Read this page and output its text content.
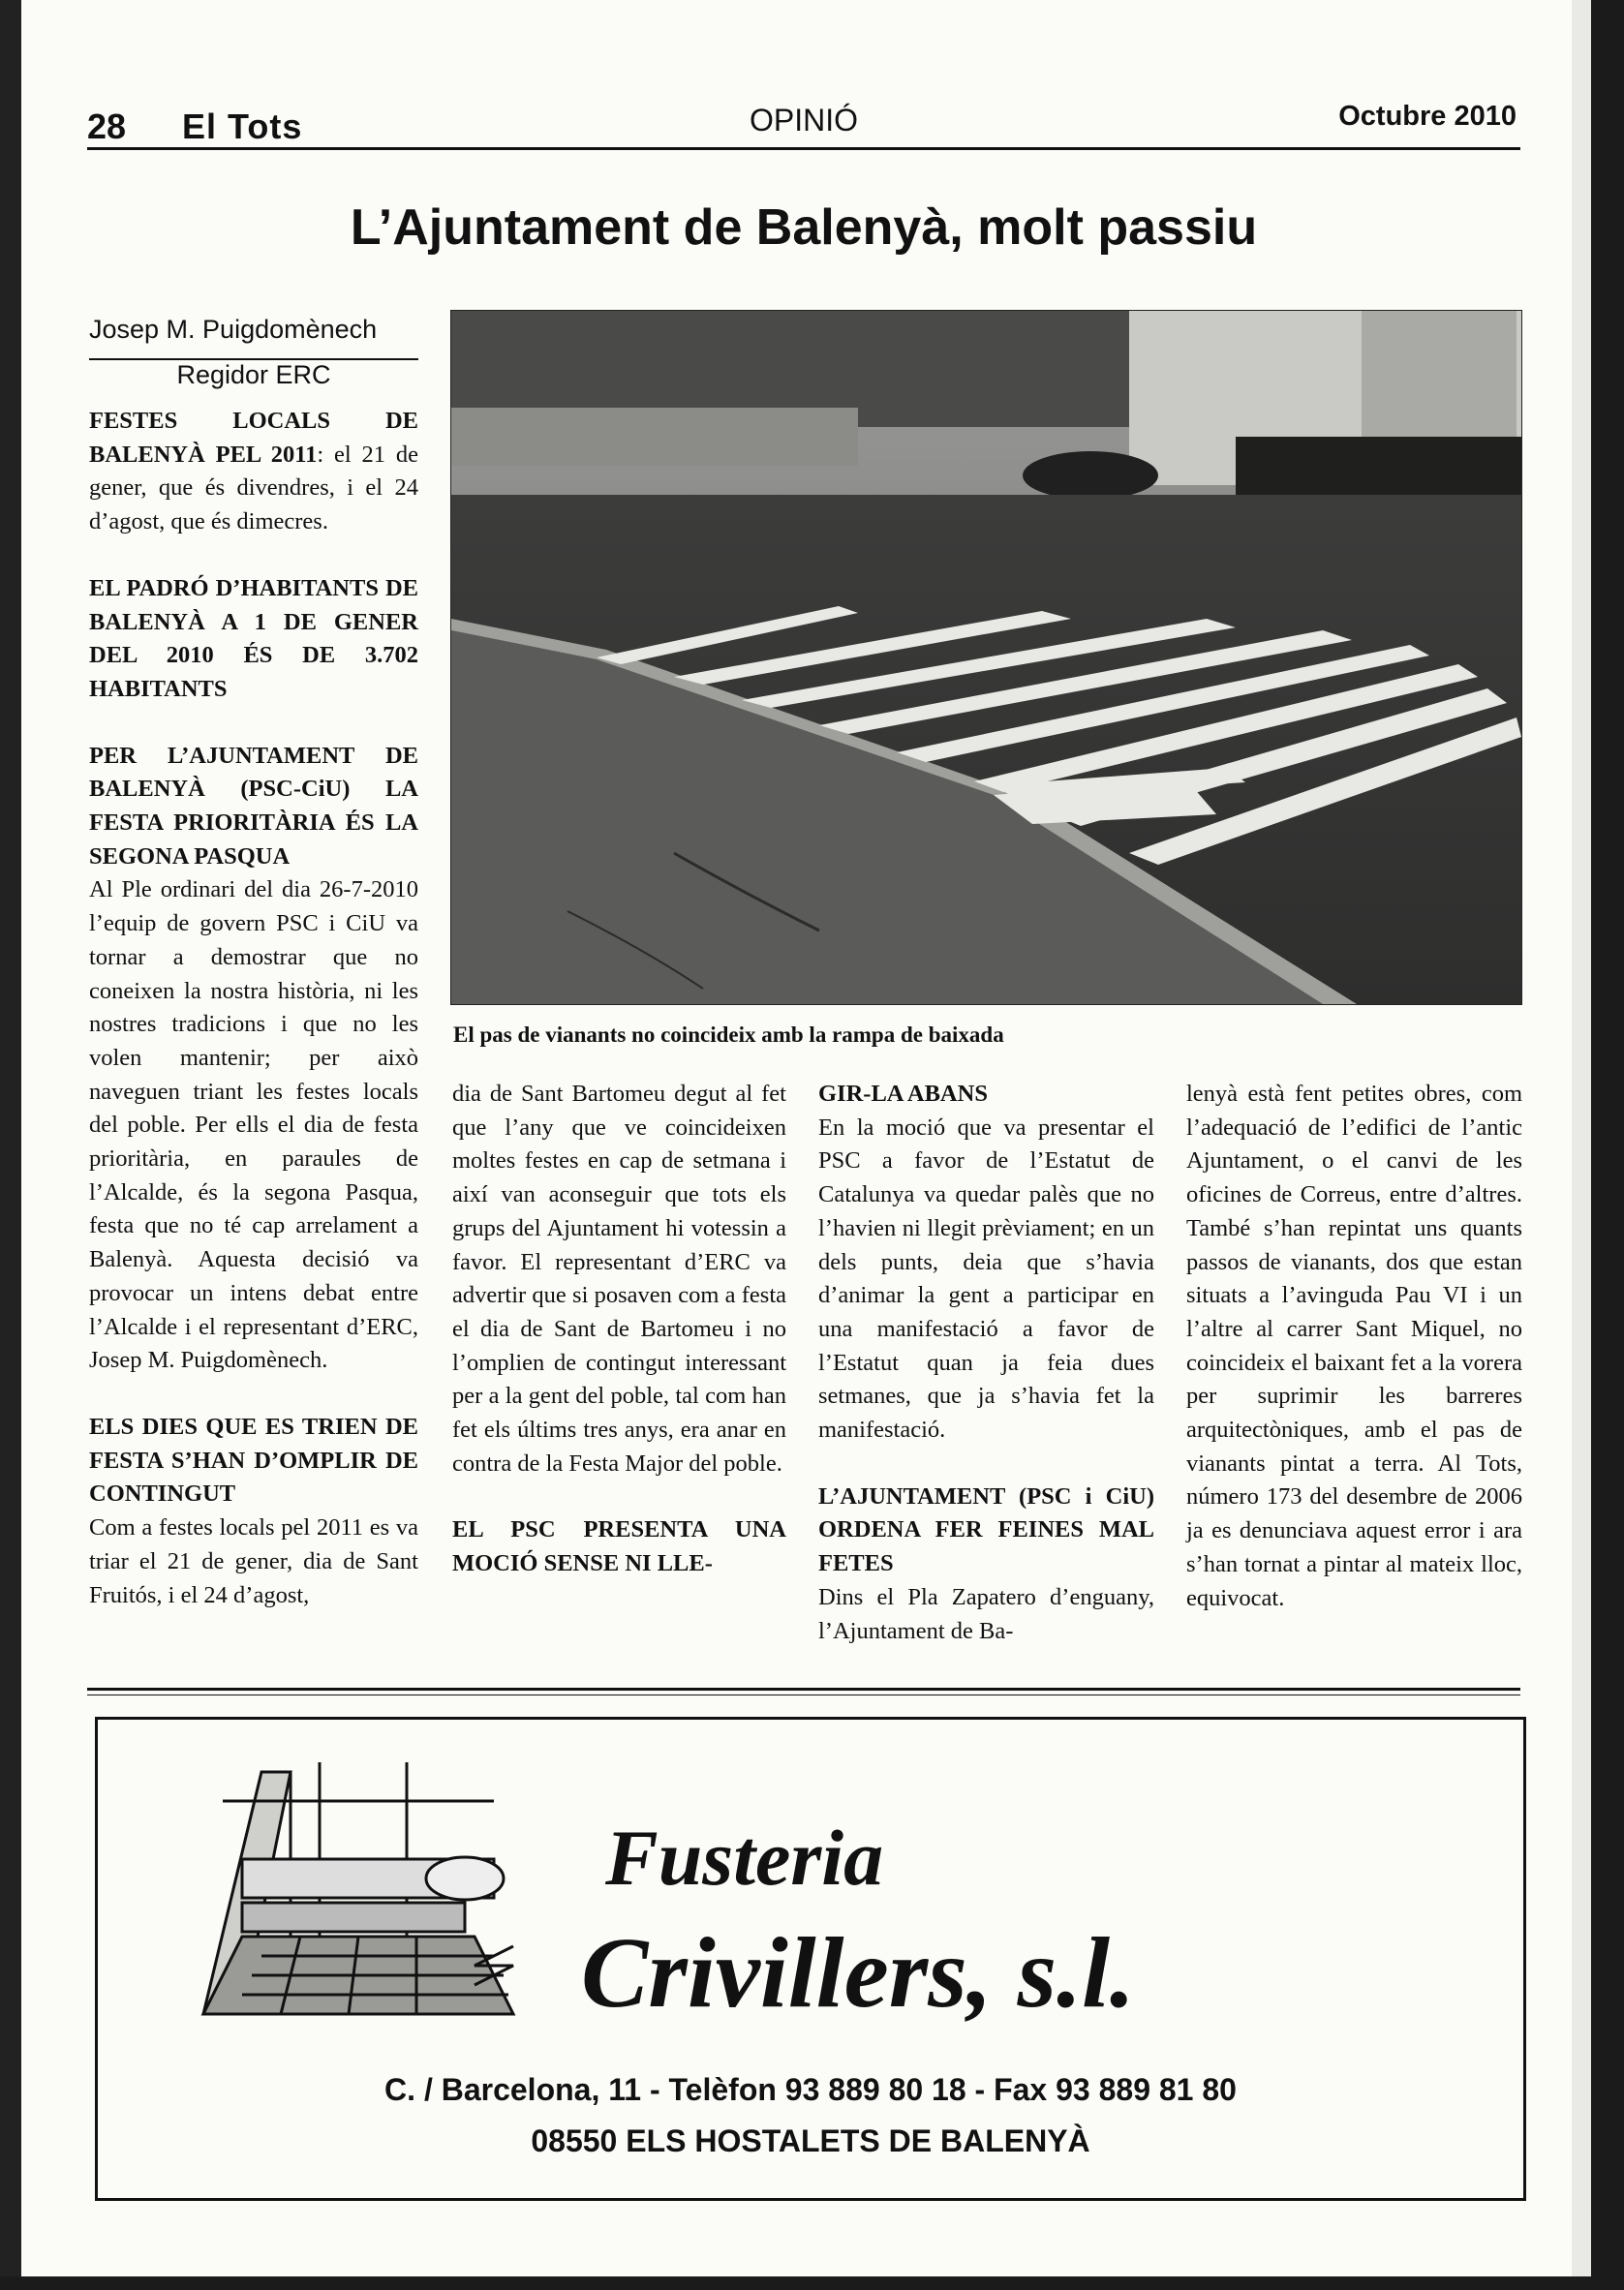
28 El Tots	OPINIÓ	Octubre 2010
L’Ajuntament de Balenyà, molt passiu
Josep M. Puigdomènech
Regidor ERC

FESTES LOCALS DE BALENYÀ PEL 2011: el 21 de gener, que és divendres, i el 24 d’agost, que és dimecres.

EL PADRÓ D’HABITANTS DE BALENYÀ A 1 DE GENER DEL 2010 ÉS DE 3.702 HABITANTS
PER L’AJUNTAMENT DE BALENYÀ (PSC-CiU) LA FESTA PRIORITÀRIA ÉS LA SEGONA PASQUA

Al Ple ordinari del dia 26-7-2010 l’equip de govern PSC i CiU va tornar a demostrar que no coneixen la nostra història, ni les nostres tradicions i que no les volen mantenir; per això naveguen triant les festes locals del poble. Per ells el dia de festa prioritària, en paraules de l’Alcalde, és la segona Pasqua, festa que no té cap arrelament a Balenyà. Aquesta decisió va provocar un intens debat entre l’Alcalde i el representant d’ERC, Josep M. Puigdomènech.

ELS DIES QUE ES TRIEN DE FESTA S’HAN D’OMPLIR DE CONTINGUT

Com a festes locals pel 2011 es va triar el 21 de gener, dia de Sant Fruitós, i el 24 d’agost,

El pas de vianants no coincideix amb la rampa de baixada

dia de Sant Bartomeu degut al fet que l’any que ve coincideixen moltes festes en cap de setmana i així van aconseguir que tots els grups del Ajuntament hi votessin a favor. El representant d’ERC va advertir que si posaven com a festa el dia de Sant de Bartomeu i no l’omplien de contingut interessant per a la gent del poble, tal com han fet els últims tres anys, era anar en contra de la Festa Major del poble.

EL PSC PRESENTA UNA MOCIÓ SENSE NI LLE-
GIR-LA ABANS

En la moció que va presentar el PSC a favor de l’Estatut de Catalunya va quedar palès que no l’havien ni llegit prèviament; en un dels punts, deia que s’havia d’animar la gent a participar en una manifestació a favor de l’Estatut quan ja feia dues setmanes, que ja s’havia fet la manifestació.

L’AJUNTAMENT (PSC i CiU) ORDENA FER FEINES MAL FETES

Dins el Pla Zapatero d’enguany, l’Ajuntament de Ba-

lenyà està fent petites obres, com l’adequació de l’edifici de l’antic Ajuntament, o el canvi de les oficines de Correus, entre d’altres. També s’han repintat uns quants passos de vianants, dos que estan situats a l’avinguda Pau VI i un l’altre al carrer Sant Miquel, no coincideix el baixant fet a la vorera per suprimir les barreres arquitectòniques, amb el pas de vianants pintat a terra. Al Tots, número 173 del desembre de 2006 ja es denunciava aquest error i ara s’han tornat a pintar al mateix lloc, equivocat.

Fusteria
Crivillers, s.l.
C. / Barcelona, 11 - Telèfon 93 889 80 18 - Fax 93 889 81 80
08550 ELS HOSTALETS DE BALENYÀ
